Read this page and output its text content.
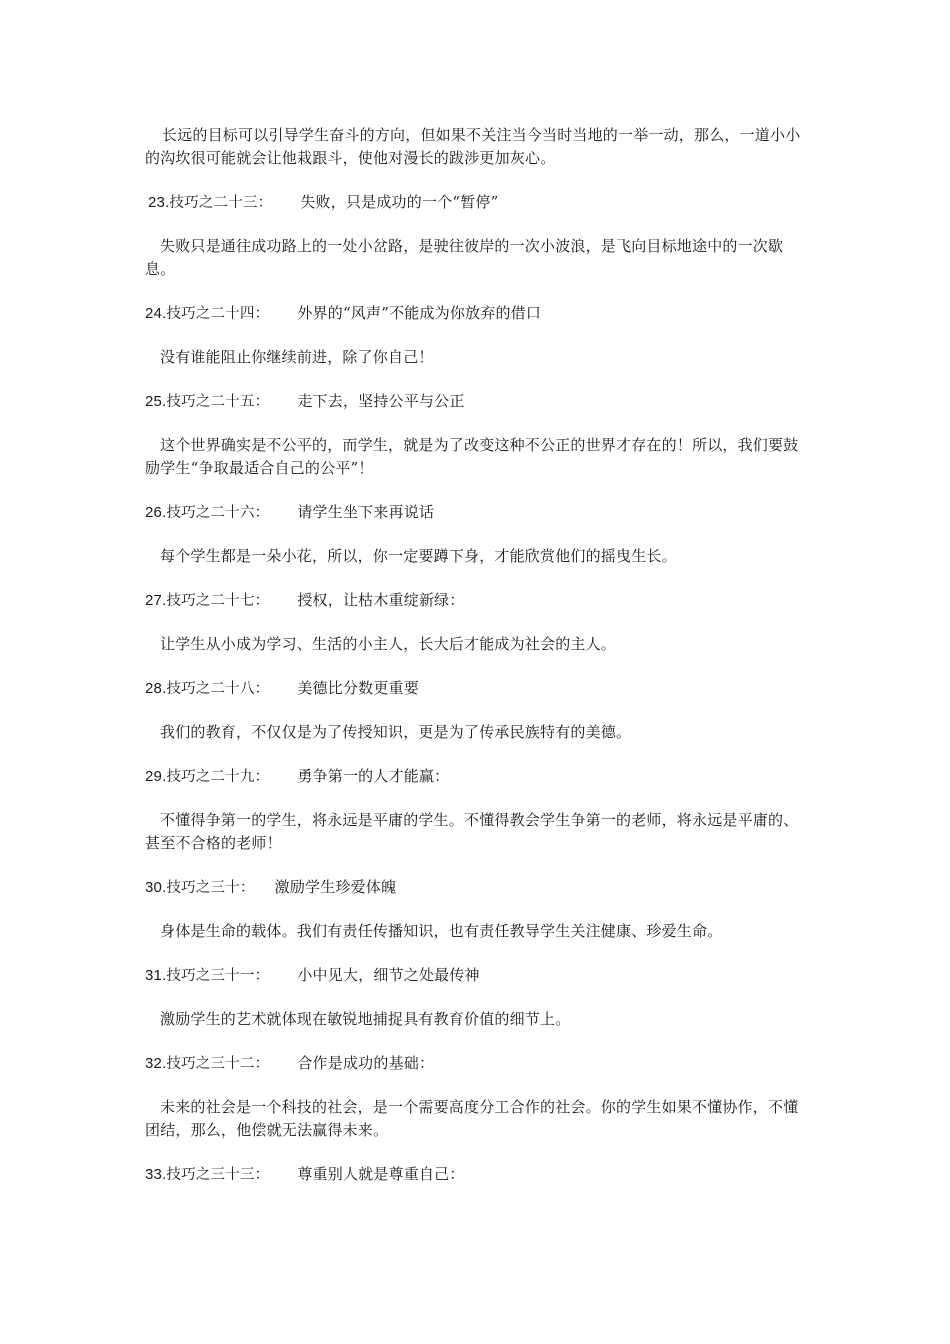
长远的目标可以引导学生奋斗的方向，但如果不关注当今当时当地的一举一动，那么，一道小小的沟坎很可能就会让他栽跟斗，使他对漫长的跋涉更加灰心。

23.技巧之二十三： 失败，只是成功的一个“暂停”

失败只是通往成功路上的一处小岔路，是驶往彼岸的一次小波浪，是飞向目标地途中的一次歇息。

24.技巧之二十四： 外界的“风声”不能成为你放弃的借口

没有谁能阻止你继续前进，除了你自己！

25.技巧之二十五： 走下去，坚持公平与公正

这个世界确实是不公平的，而学生，就是为了改变这种不公正的世界才存在的！所以，我们要鼓励学生“争取最适合自己的公平”！

26.技巧之二十六： 请学生坐下来再说话

每个学生都是一朵小花，所以，你一定要蹲下身，才能欣赏他们的摇曳生长。

27.技巧之二十七： 授权，让枯木重绽新绿：

让学生从小成为学习、生活的小主人，长大后才能成为社会的主人。

28.技巧之二十八： 美德比分数更重要

我们的教育，不仅仅是为了传授知识，更是为了传承民族特有的美德。

29.技巧之二十九： 勇争第一的人才能赢：

不懂得争第一的学生，将永远是平庸的学生。不懂得教会学生争第一的老师，将永远是平庸的、甚至不合格的老师！

30.技巧之三十： 激励学生珍爱体魄

身体是生命的载体。我们有责任传播知识，也有责任教导学生关注健康、珍爱生命。

31.技巧之三十一： 小中见大，细节之处最传神

激励学生的艺术就体现在敏锐地捕捉具有教育价值的细节上。

32.技巧之三十二： 合作是成功的基础：

未来的社会是一个科技的社会，是一个需要高度分工合作的社会。你的学生如果不懂协作，不懂团结，那么，他偿就无法赢得未来。

33.技巧之三十三： 尊重别人就是尊重自己：
